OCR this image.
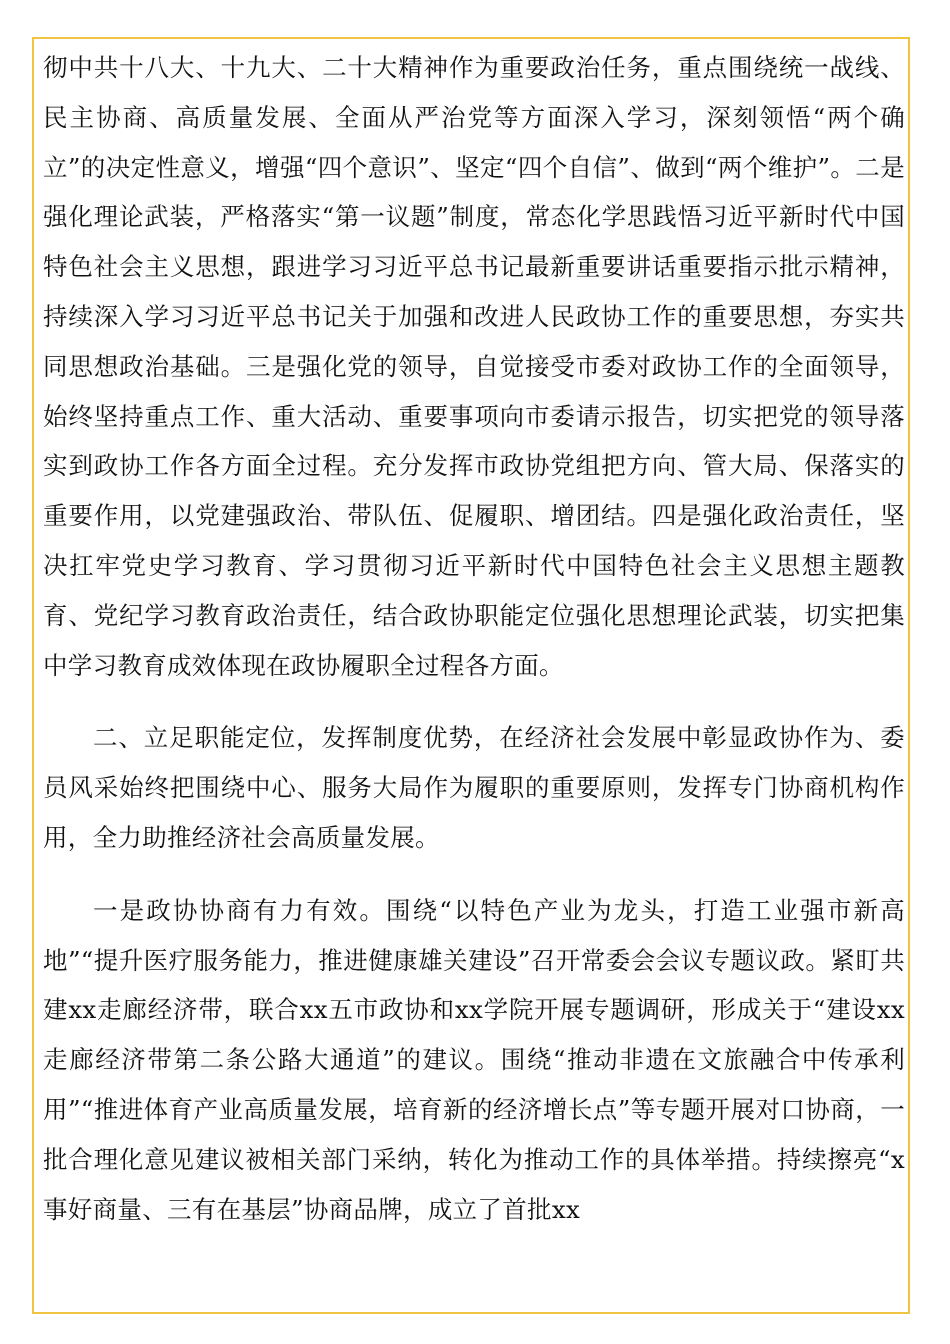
彻中共十八大、十九大、二十大精神作为重要政治任务，重点围绕统一战线、民主协商、高质量发展、全面从严治党等方面深入学习，深刻领悟“两个确立”的决定性意义，增强“四个意识”、坚定“四个自信”、做到“两个维护”。二是强化理论武装，严格落实“第一议题”制度，常态化学思践悟习近平新时代中国特色社会主义思想，跟进学习习近平总书记最新重要讲话重要指示批示精神，持续深入学习习近平总书记关于加强和改进人民政协工作的重要思想，夯实共同思想政治基础。三是强化党的领导，自觉接受市委对政协工作的全面领导，始终坚持重点工作、重大活动、重要事项向市委请示报告，切实把党的领导落实到政协工作各方面全过程。充分发挥市政协党组把方向、管大局、保落实的重要作用，以党建强政治、带队伍、促履职、增团结。四是强化政治责任，坚决扛牢党史学习教育、学习贯彻习近平新时代中国特色社会主义思想主题教育、党纪学习教育政治责任，结合政协职能定位强化思想理论武装，切实把集中学习教育成效体现在政协履职全过程各方面。

二、立足职能定位，发挥制度优势，在经济社会发展中彰显政协作为、委员风采始终把围绕中心、服务大局作为履职的重要原则，发挥专门协商机构作用，全力助推经济社会高质量发展。

一是政协协商有力有效。围绕“以特色产业为龙头，打造工业强市新高地”“提升医疗服务能力，推进健康雄关建设”召开常委会会议专题议政。紧盯共建xx走廊经济带，联合xx五市政协和xx学院开展专题调研，形成关于“建设xx走廊经济带第二条公路大通道”的建议。围绕“推动非遗在文旅融合中传承利用”“推进体育产业高质量发展，培育新的经济增长点”等专题开展对口协商，一批合理化意见建议被相关部门采纳，转化为推动工作的具体举措。持续擦亮“x事好商量、三有在基层”协商品牌，成立了首批xx
